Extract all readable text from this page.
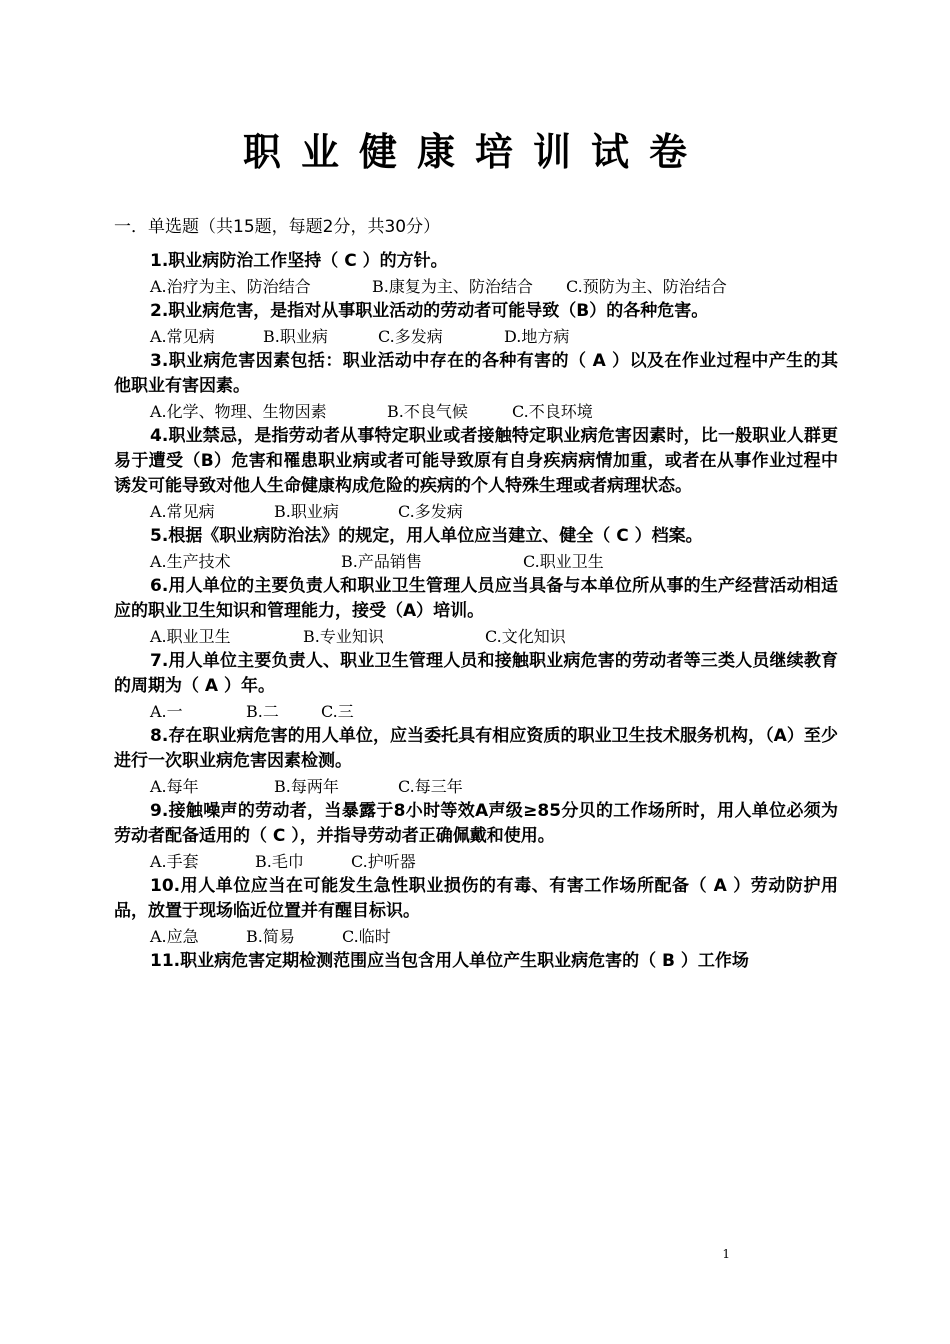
职业健康培训试卷
一．单选题（共15题，每题2分，共30分）

1.职业病防治工作坚持（ C ）的方针。

A.治疗为主、防治结合	B.康复为主、防治结合 C.预防为主、防治结合

2.职业病危害，是指对从事职业活动的劳动者可能导致（B）的各种危害。

A.常见病	B.职业病	C.多发病	D.地方病

3.职业病危害因素包括：职业活动中存在的各种有害的（ A ）以及在作业过程中产生的其他职业有害因素。

A.化学、物理、生物因素	B.不良气候	C.不良环境

4.职业禁忌，是指劳动者从事特定职业或者接触特定职业病危害因素时，比一般职业人群更易于遭受（B）危害和罹患职业病或者可能导致原有自身疾病病情加重，或者在从事作业过程中诱发可能导致对他人生命健康构成危险的疾病的个人特殊生理或者病理状态。

A.常见病	B.职业病	C.多发病

5.根据《职业病防治法》的规定，用人单位应当建立、健全（ C ）档案。

A.生产技术	B.产品销售	C.职业卫生

6.用人单位的主要负责人和职业卫生管理人员应当具备与本单位所从事的生产经营活动相适应的职业卫生知识和管理能力，接受（A）培训。

A.职业卫生	B.专业知识	C.文化知识

7.用人单位主要负责人、职业卫生管理人员和接触职业病危害的劳动者等三类人员继续教育的周期为（ A ）年。

A.一	B.二	C.三

8.存在职业病危害的用人单位，应当委托具有相应资质的职业卫生技术服务机构，（A）至少进行一次职业病危害因素检测。

A.每年	B.每两年	C.每三年

9.接触噪声的劳动者，当暴露于8小时等效A声级≥85分贝的工作场所时，用人单位必须为劳动者配备适用的（ C ），并指导劳动者正确佩戴和使用。

A.手套	B.毛巾	C.护听器

10.用人单位应当在可能发生急性职业损伤的有毒、有害工作场所配备（ A ）劳动防护用品，放置于现场临近位置并有醒目标识。

A.应急	B.简易	C.临时

11.职业病危害定期检测范围应当包含用人单位产生职业病危害的（ B ）工作场

1
